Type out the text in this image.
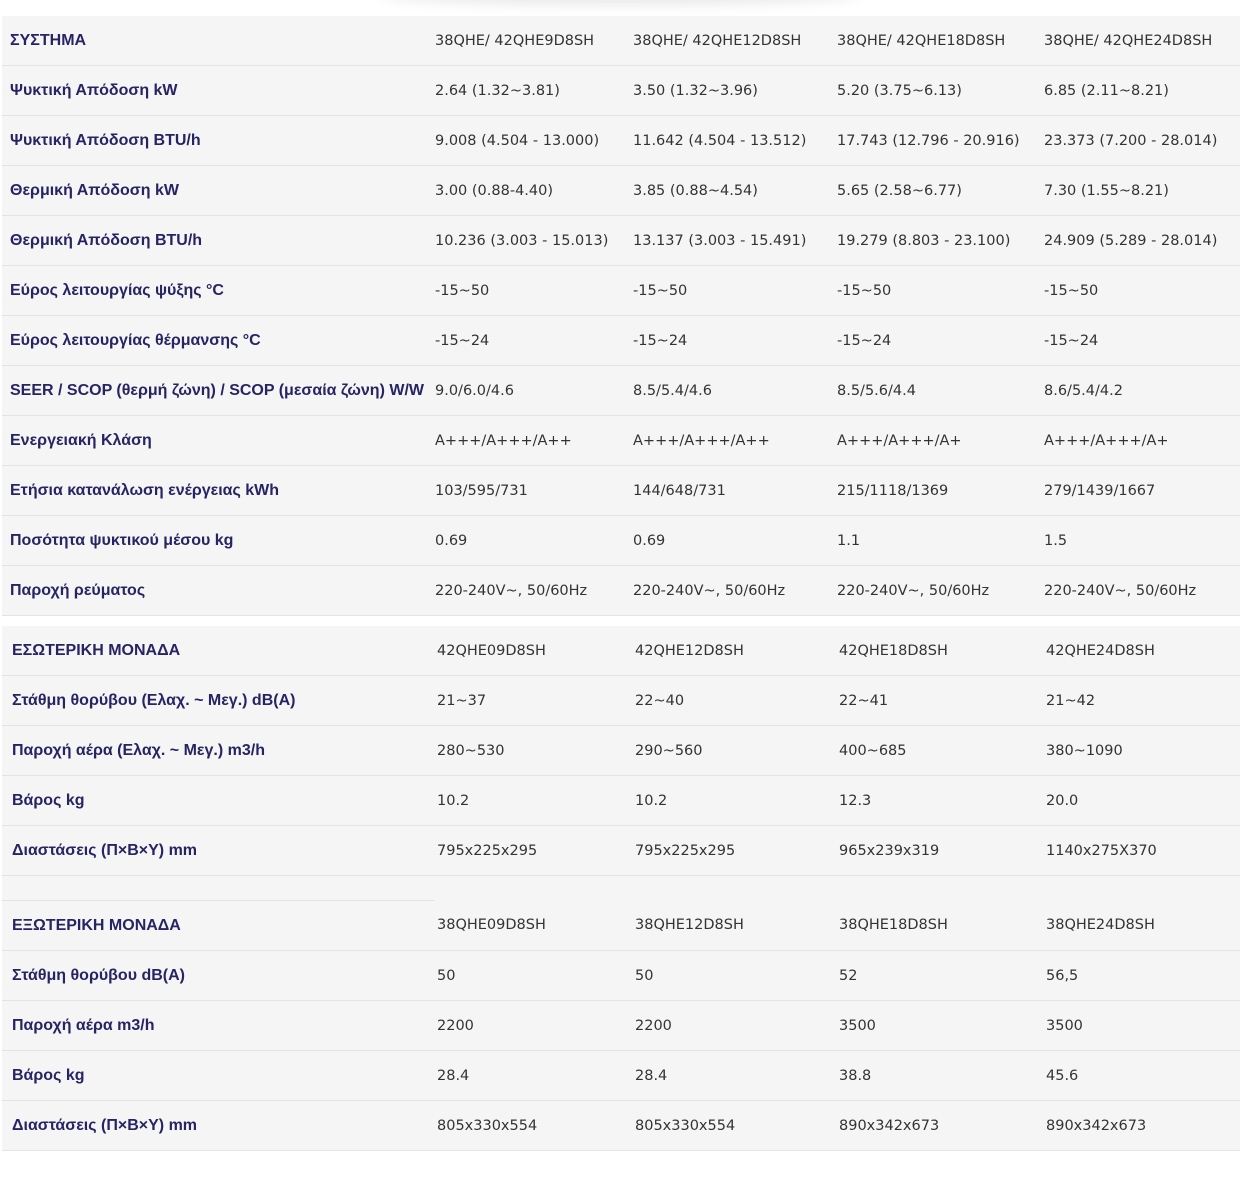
ΣΥΣΤΗΜΑ	38QHE/ 42QHE9D8SH	38QHE/ 42QHE12D8SH	38QHE/ 42QHE18D8SH	38QHE/ 42QHE24D8SH
Ψυκτική Απόδοση kW	2.64 (1.32~3.81)	3.50 (1.32~3.96)	5.20 (3.75~6.13)	6.85 (2.11~8.21)
Ψυκτική Απόδοση BTU/h	9.008 (4.504 - 13.000)	11.642 (4.504 - 13.512)	17.743 (12.796 - 20.916)	23.373 (7.200 - 28.014)
Θερμική Απόδοση kW	3.00 (0.88-4.40)	3.85 (0.88~4.54)	5.65 (2.58~6.77)	7.30 (1.55~8.21)
Θερμική Απόδοση BTU/h	10.236 (3.003 - 15.013)	13.137 (3.003 - 15.491)	19.279 (8.803 - 23.100)	24.909 (5.289 - 28.014)
Εύρος λειτουργίας ψύξης °C	-15~50	-15~50	-15~50	-15~50
Εύρος λειτουργίας θέρμανσης °C	-15~24	-15~24	-15~24	-15~24
SEER / SCOP (θερμή ζώνη) / SCOP (μεσαία ζώνη) W/W	9.0/6.0/4.6	8.5/5.4/4.6	8.5/5.6/4.4	8.6/5.4/4.2
Ενεργειακή Κλάση	A+++/A+++/A++	A+++/A+++/A++	A+++/A+++/A+	A+++/A+++/A+
Ετήσια κατανάλωση ενέργειας kWh	103/595/731	144/648/731	215/1118/1369	279/1439/1667
Ποσότητα ψυκτικού μέσου kg	0.69	0.69	1.1	1.5
Παροχή ρεύματος	220-240V~, 50/60Hz	220-240V~, 50/60Hz	220-240V~, 50/60Hz	220-240V~, 50/60Hz

ΕΣΩΤΕΡΙΚΗ ΜΟΝΑΔΑ	42QHE09D8SH	42QHE12D8SH	42QHE18D8SH	42QHE24D8SH
Στάθμη θορύβου (Ελαχ. ~ Μεγ.) dB(A)	21~37	22~40	22~41	21~42
Παροχή αέρα (Ελαχ. ~ Μεγ.) m3/h	280~530	290~560	400~685	380~1090
Βάρος kg	10.2	10.2	12.3	20.0
Διαστάσεις (Π×Β×Υ) mm	795x225x295	795x225x295	965x239x319	1140x275X370

ΕΞΩΤΕΡΙΚΗ ΜΟΝΑΔΑ	38QHE09D8SH	38QHE12D8SH	38QHE18D8SH	38QHE24D8SH
Στάθμη θορύβου dB(A)	50	50	52	56,5
Παροχή αέρα m3/h	2200	2200	3500	3500
Βάρος kg	28.4	28.4	38.8	45.6
Διαστάσεις (Π×Β×Υ) mm	805x330x554	805x330x554	890x342x673	890x342x673
